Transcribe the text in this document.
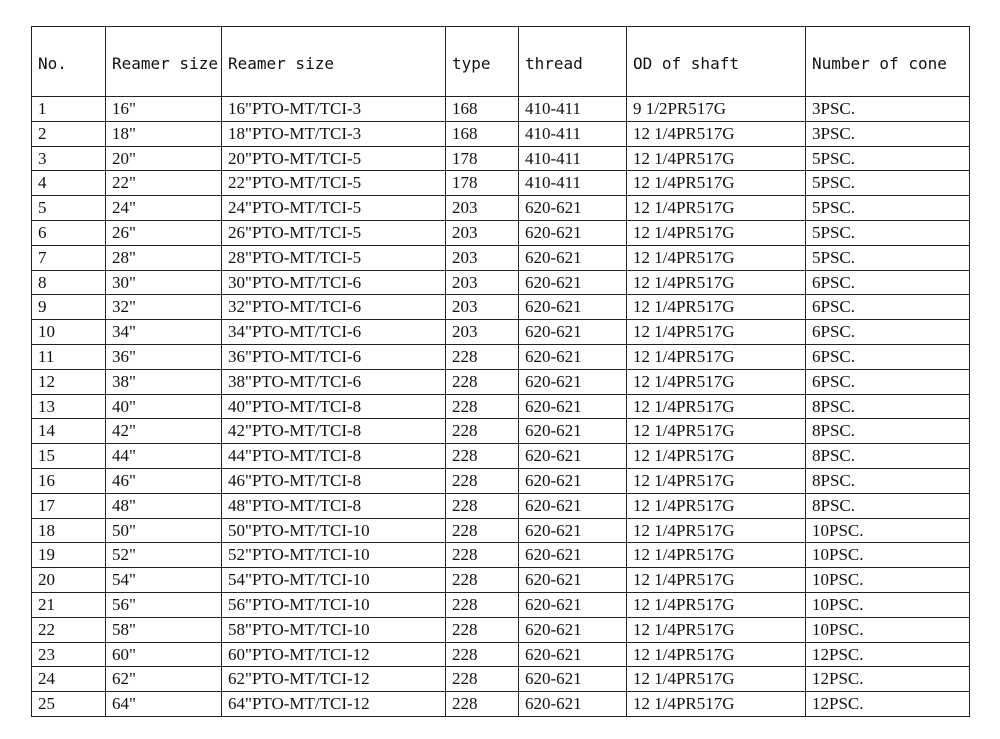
No.	Reamer size	Reamer size	type	thread	OD of shaft	Number of cone
1	16"	16"PTO-MT/TCI-3	168	410-411	9 1/2PR517G	3PSC.
2	18"	18"PTO-MT/TCI-3	168	410-411	12 1/4PR517G	3PSC.
3	20"	20"PTO-MT/TCI-5	178	410-411	12 1/4PR517G	5PSC.
4	22"	22"PTO-MT/TCI-5	178	410-411	12 1/4PR517G	5PSC.
5	24"	24"PTO-MT/TCI-5	203	620-621	12 1/4PR517G	5PSC.
6	26"	26"PTO-MT/TCI-5	203	620-621	12 1/4PR517G	5PSC.
7	28"	28"PTO-MT/TCI-5	203	620-621	12 1/4PR517G	5PSC.
8	30"	30"PTO-MT/TCI-6	203	620-621	12 1/4PR517G	6PSC.
9	32"	32"PTO-MT/TCI-6	203	620-621	12 1/4PR517G	6PSC.
10	34"	34"PTO-MT/TCI-6	203	620-621	12 1/4PR517G	6PSC.
11	36"	36"PTO-MT/TCI-6	228	620-621	12 1/4PR517G	6PSC.
12	38"	38"PTO-MT/TCI-6	228	620-621	12 1/4PR517G	6PSC.
13	40"	40"PTO-MT/TCI-8	228	620-621	12 1/4PR517G	8PSC.
14	42"	42"PTO-MT/TCI-8	228	620-621	12 1/4PR517G	8PSC.
15	44"	44"PTO-MT/TCI-8	228	620-621	12 1/4PR517G	8PSC.
16	46"	46"PTO-MT/TCI-8	228	620-621	12 1/4PR517G	8PSC.
17	48"	48"PTO-MT/TCI-8	228	620-621	12 1/4PR517G	8PSC.
18	50"	50"PTO-MT/TCI-10	228	620-621	12 1/4PR517G	10PSC.
19	52"	52"PTO-MT/TCI-10	228	620-621	12 1/4PR517G	10PSC.
20	54"	54"PTO-MT/TCI-10	228	620-621	12 1/4PR517G	10PSC.
21	56"	56"PTO-MT/TCI-10	228	620-621	12 1/4PR517G	10PSC.
22	58"	58"PTO-MT/TCI-10	228	620-621	12 1/4PR517G	10PSC.
23	60"	60"PTO-MT/TCI-12	228	620-621	12 1/4PR517G	12PSC.
24	62"	62"PTO-MT/TCI-12	228	620-621	12 1/4PR517G	12PSC.
25	64"	64"PTO-MT/TCI-12	228	620-621	12 1/4PR517G	12PSC.
